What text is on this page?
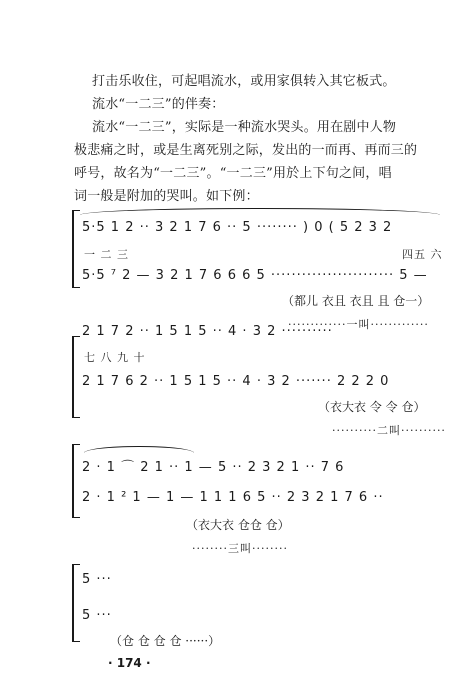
打击乐收住，可起唱流水，或用家俱转入其它板式。
流水“一二三”的伴奏：
流水“一二三”，实际是一种流水哭头。用在剧中人物
极悲痛之时，或是生离死别之际，发出的一而再、再而三的
呼号，故名为“一二三”。“一二三”用於上下句之间，唱
词一般是附加的哭叫。如下例：
5·5 1 2 ·· 3 2 1 7 6 ·· 5 ········ ) 0 ( 5 2 3 2
一 二 三	四五 六
5·5 ⁷ 2 — 3 2 1 7 6 6 6 5 ························ 5 —
（都儿 衣且 衣且 且 仓一）
·············一叫·············
2 1 7 2 ·· 1 5 1 5 ·· 4 · 3 2 ··········
七 八 九 十
2 1 7 6 2 ·· 1 5 1 5 ·· 4 · 3 2 ······· 2 2 2 0
（衣大衣 令 令 仓）
··········二叫··········
2 · 1 ⌒ 2 1 ·· 1 — 5 ·· 2 3 2 1 ·· 7 6
2 · 1 ² 1 — 1 — 1 1 1 6 5 ·· 2 3 2 1 7 6 ··
（衣大衣 仓仓 仓）
········三叫········
5 ···
5 ···
（仓 仓 仓 仓 ······）
· 174 ·
